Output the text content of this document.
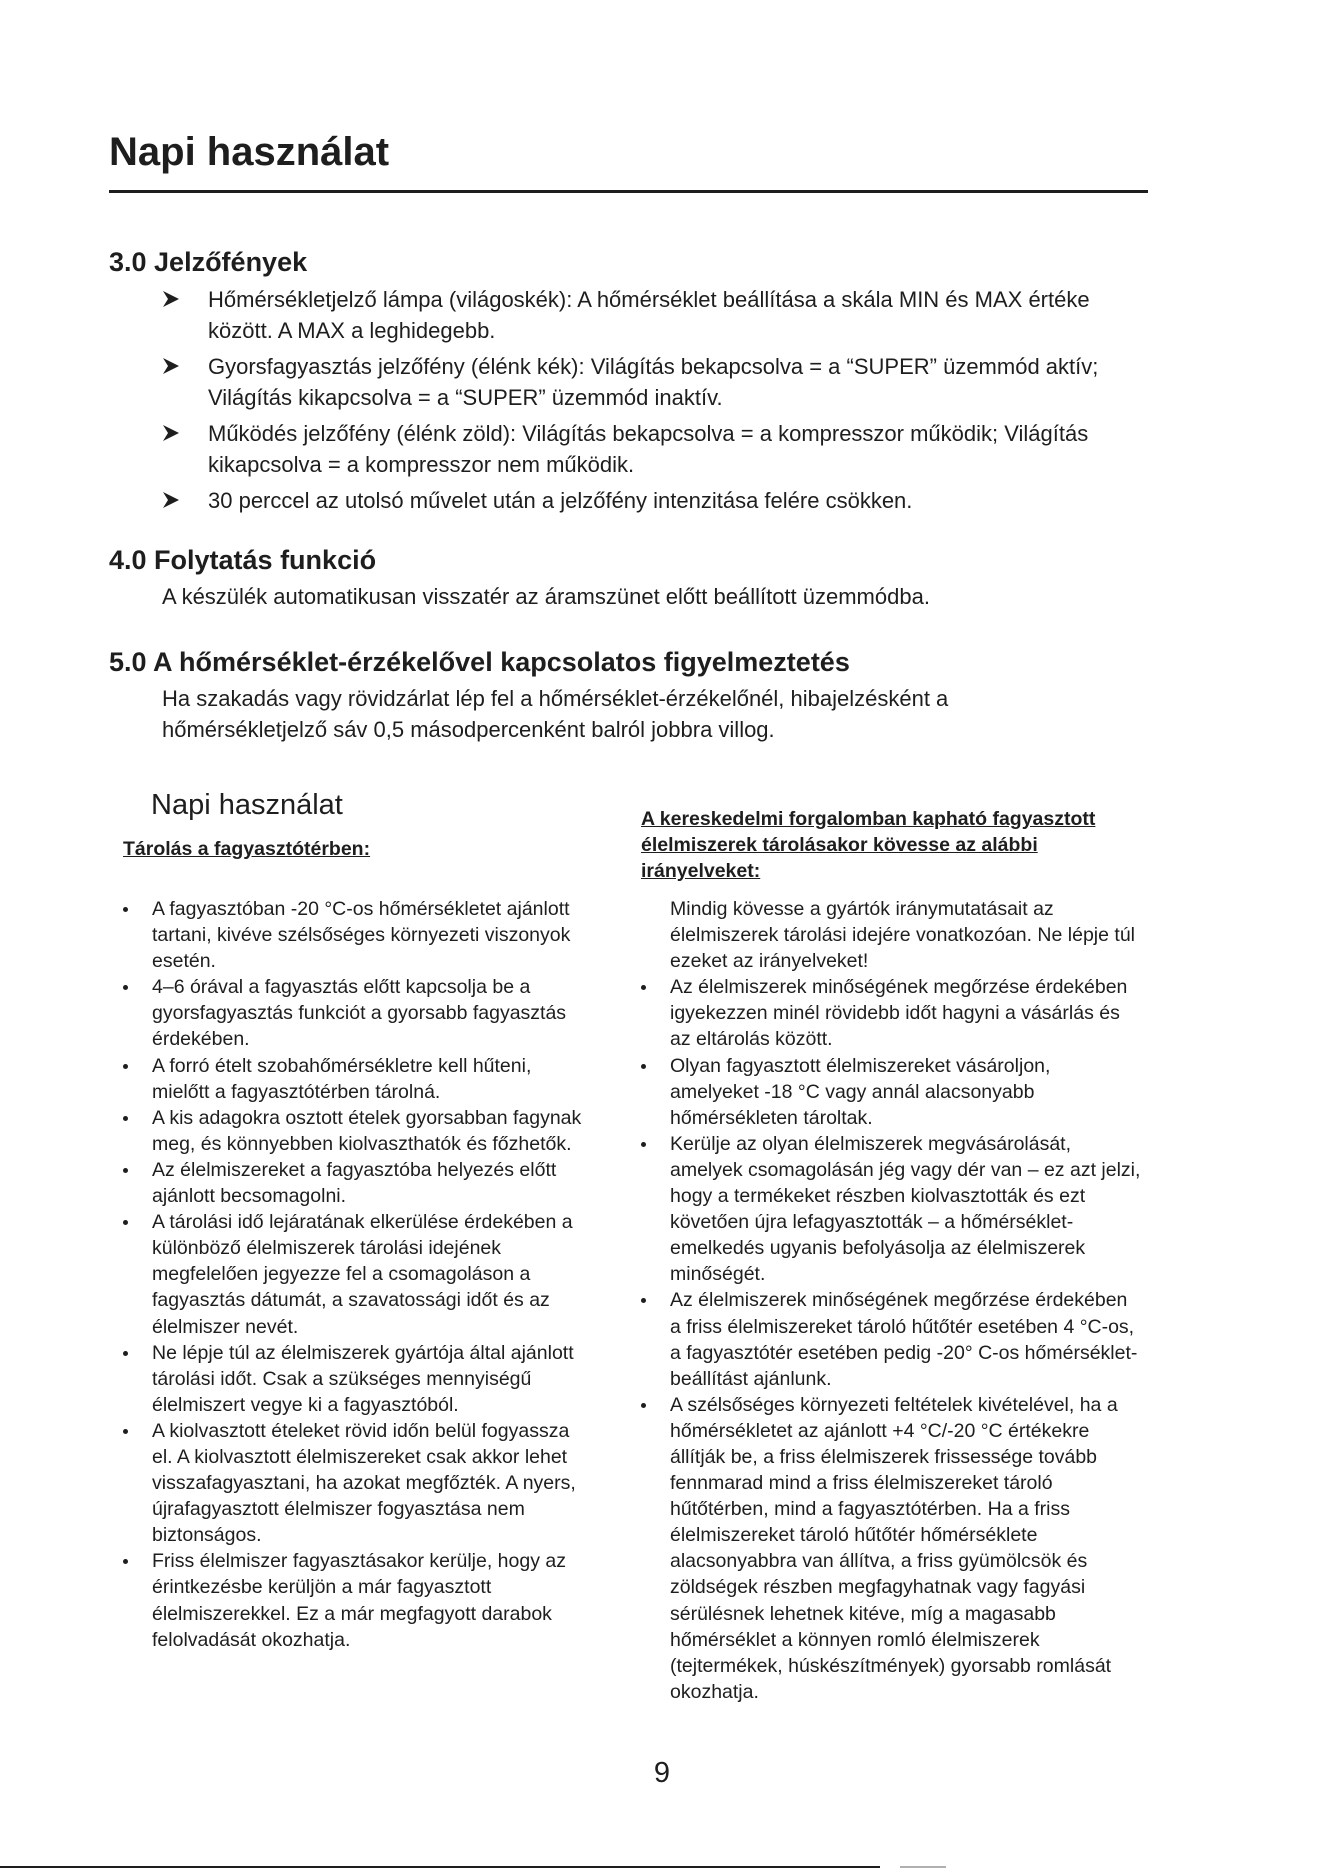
Napi használat
3.0 Jelzőfények
Hőmérsékletjelző lámpa (világoskék): A hőmérséklet beállítása a skála MIN és MAX értéke között. A MAX a leghidegebb.
Gyorsfagyasztás jelzőfény (élénk kék): Világítás bekapcsolva = a “SUPER” üzemmód aktív; Világítás kikapcsolva = a “SUPER” üzemmód inaktív.
Működés jelzőfény (élénk zöld): Világítás bekapcsolva = a kompresszor működik; Világítás kikapcsolva = a kompresszor nem működik.
30 perccel az utolsó művelet után a jelzőfény intenzitása felére csökken.
4.0 Folytatás funkció

A készülék automatikusan visszatér az áramszünet előtt beállított üzemmódba.

5.0 A hőmérséklet-érzékelővel kapcsolatos figyelmeztetés

Ha szakadás vagy rövidzárlat lép fel a hőmérséklet-érzékelőnél, hibajelzésként a hőmérsékletjelző sáv 0,5 másodpercenként balról jobbra villog.

Napi használat
Tárolás a fagyasztótérben:
A fagyasztóban -20 °C-os hőmérsékletet ajánlott tartani, kivéve szélsőséges környezeti viszonyok esetén.
4–6 órával a fagyasztás előtt kapcsolja be a gyorsfagyasztás funkciót a gyorsabb fagyasztás érdekében.
A forró ételt szobahőmérsékletre kell hűteni, mielőtt a fagyasztótérben tárolná.
A kis adagokra osztott ételek gyorsabban fagynak meg, és könnyebben kiolvaszthatók és főzhetők.
Az élelmiszereket a fagyasztóba helyezés előtt ajánlott becsomagolni.
A tárolási idő lejáratának elkerülése érdekében a különböző élelmiszerek tárolási idejének megfelelően jegyezze fel a csomagoláson a fagyasztás dátumát, a szavatossági időt és az élelmiszer nevét.
Ne lépje túl az élelmiszerek gyártója által ajánlott tárolási időt. Csak a szükséges mennyiségű élelmiszert vegye ki a fagyasztóból.
A kiolvasztott ételeket rövid időn belül fogyassza el. A kiolvasztott élelmiszereket csak akkor lehet visszafagyasztani, ha azokat megfőzték. A nyers, újrafagyasztott élelmiszer fogyasztása nem biztonságos.
Friss élelmiszer fagyasztásakor kerülje, hogy az érintkezésbe kerüljön a már fagyasztott élelmiszerekkel. Ez a már megfagyott darabok felolvadását okozhatja.
A kereskedelmi forgalomban kapható fagyasztott élelmiszerek tárolásakor kövesse az alábbi irányelveket:
Mindig kövesse a gyártók iránymutatásait az élelmiszerek tárolási idejére vonatkozóan. Ne lépje túl ezeket az irányelveket!
Az élelmiszerek minőségének megőrzése érdekében igyekezzen minél rövidebb időt hagyni a vásárlás és az eltárolás között.
Olyan fagyasztott élelmiszereket vásároljon, amelyeket -18 °C vagy annál alacsonyabb hőmérsékleten tároltak.
Kerülje az olyan élelmiszerek megvásárolását, amelyek csomagolásán jég vagy dér van – ez azt jelzi, hogy a termékeket részben kiolvasztották és ezt követően újra lefagyasztották – a hőmérséklet-emelkedés ugyanis befolyásolja az élelmiszerek minőségét.
Az élelmiszerek minőségének megőrzése érdekében a friss élelmiszereket tároló hűtőtér esetében 4 °C-os, a fagyasztótér esetében pedig -20° C-os hőmérséklet-beállítást ajánlunk.
A szélsőséges környezeti feltételek kivételével, ha a hőmérsékletet az ajánlott +4 °C/-20 °C értékekre állítják be, a friss élelmiszerek frissessége tovább fennmarad mind a friss élelmiszereket tároló hűtőtérben, mind a fagyasztótérben. Ha a friss élelmiszereket tároló hűtőtér hőmérséklete alacsonyabbra van állítva, a friss gyümölcsök és zöldségek részben megfagyhatnak vagy fagyási sérülésnek lehetnek kitéve, míg a magasabb hőmérséklet a könnyen romló élelmiszerek (tejtermékek, húskészítmények) gyorsabb romlását okozhatja.

9
